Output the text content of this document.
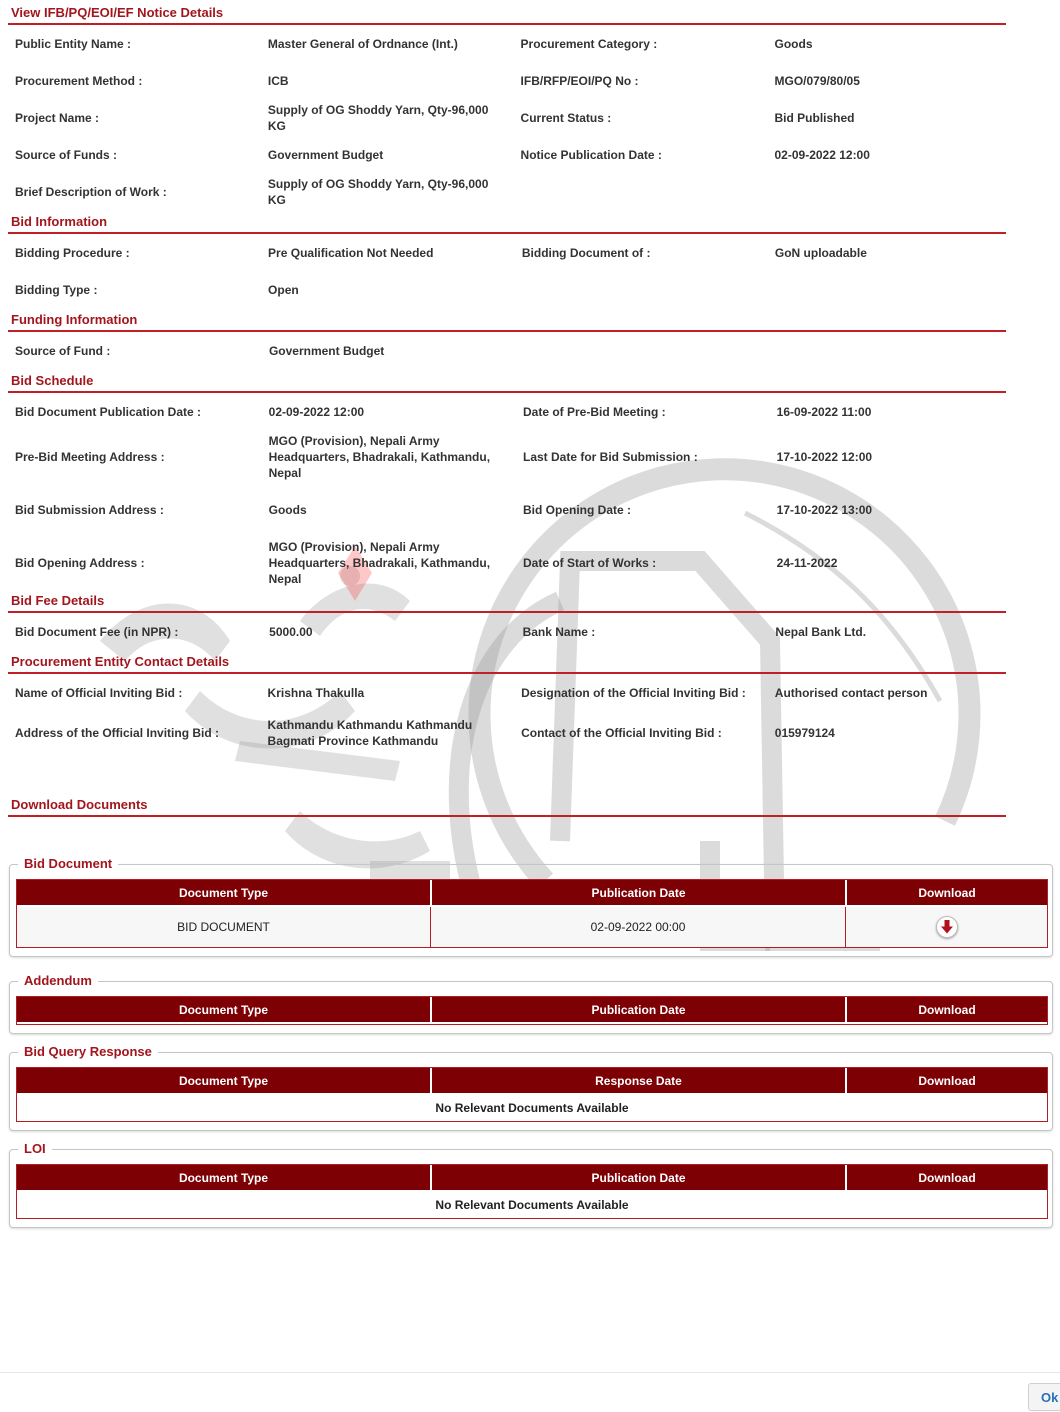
View IFB/PQ/EOI/EF Notice Details
Public Entity Name :	Master General of Ordnance (Int.)	Procurement Category :	Goods
Procurement Method :	ICB	IFB/RFP/EOI/PQ No :	MGO/079/80/05
Project Name :	Supply of OG Shoddy Yarn, Qty-96,000 KG	Current Status :	Bid Published
Source of Funds :	Government Budget	Notice Publication Date :	02-09-2022 12:00
Brief Description of Work :	Supply of OG Shoddy Yarn, Qty-96,000 KG		
Bid Information
Bidding Procedure :	Pre Qualification Not Needed	Bidding Document of :	GoN uploadable
Bidding Type :	Open		
Funding Information
Source of Fund :	Government Budget		
Bid Schedule
Bid Document Publication Date :	02-09-2022 12:00	Date of Pre-Bid Meeting :	16-09-2022 11:00
Pre-Bid Meeting Address :	MGO (Provision), Nepali Army Headquarters, Bhadrakali, Kathmandu, Nepal	Last Date for Bid Submission :	17-10-2022 12:00
Bid Submission Address :	Goods	Bid Opening Date :	17-10-2022 13:00
Bid Opening Address :	MGO (Provision), Nepali Army Headquarters, Bhadrakali, Kathmandu, Nepal	Date of Start of Works :	24-11-2022
Bid Fee Details
Bid Document Fee (in NPR) :	5000.00	Bank Name :	Nepal Bank Ltd.
Procurement Entity Contact Details
Name of Official Inviting Bid :	Krishna Thakulla	Designation of the Official Inviting Bid :	Authorised contact person
Address of the Official Inviting Bid :	Kathmandu Kathmandu Kathmandu Bagmati Province Kathmandu	Contact of the Official Inviting Bid :	015979124
Download Documents
Bid Document
Document Type	Publication Date	Download
BID DOCUMENT	02-09-2022 00:00	
Addendum
Document Type	Publication Date	Download
Bid Query Response
Document Type	Response Date	Download
No Relevant Documents Available
LOI
Document Type	Publication Date	Download
No Relevant Documents Available
Ok
